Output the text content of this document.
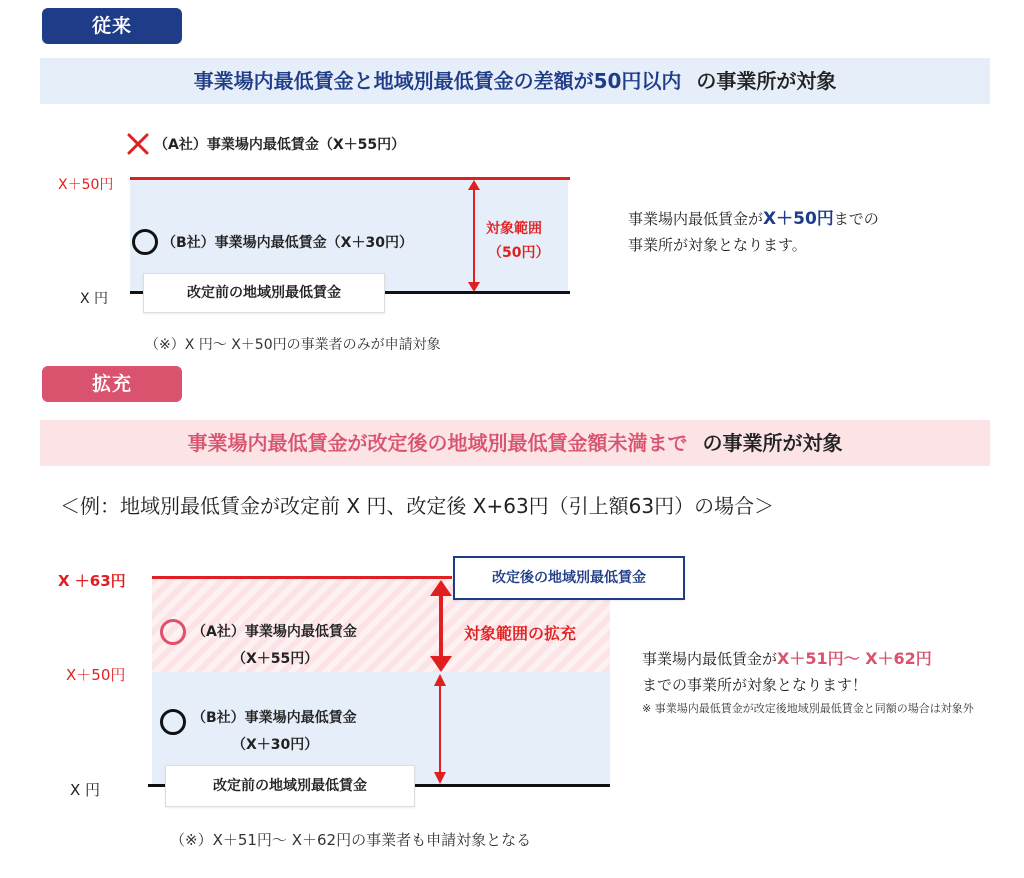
従来
事業場内最低賃金と地域別最低賃金の差額が50円以内 の事業所が対象
（A社）事業場内最低賃金（X＋55円）
X＋50円
（B社）事業場内最低賃金（X＋30円）
対象範囲
（50円）
X 円	改定前の地域別最低賃金
（※）X 円～ X＋50円の事業者のみが申請対象
事業場内最低賃金がX＋50円までの
事業所が対象となります。
拡充
事業場内最低賃金が改定後の地域別最低賃金額未満まで の事業所が対象
＜例：地域別最低賃金が改定前 X 円、改定後 X+63円（引上額63円）の場合＞
X ＋63円	改定後の地域別最低賃金
（A社）事業場内最低賃金
（X＋55円）
対象範囲の拡充
X＋50円
（B社）事業場内最低賃金
（X＋30円）
X 円	改定前の地域別最低賃金
（※）X＋51円～ X＋62円の事業者も申請対象となる
事業場内最低賃金がX＋51円～ X＋62円
までの事業所が対象となります！
※ 事業場内最低賃金が改定後地域別最低賃金と同額の場合は対象外
